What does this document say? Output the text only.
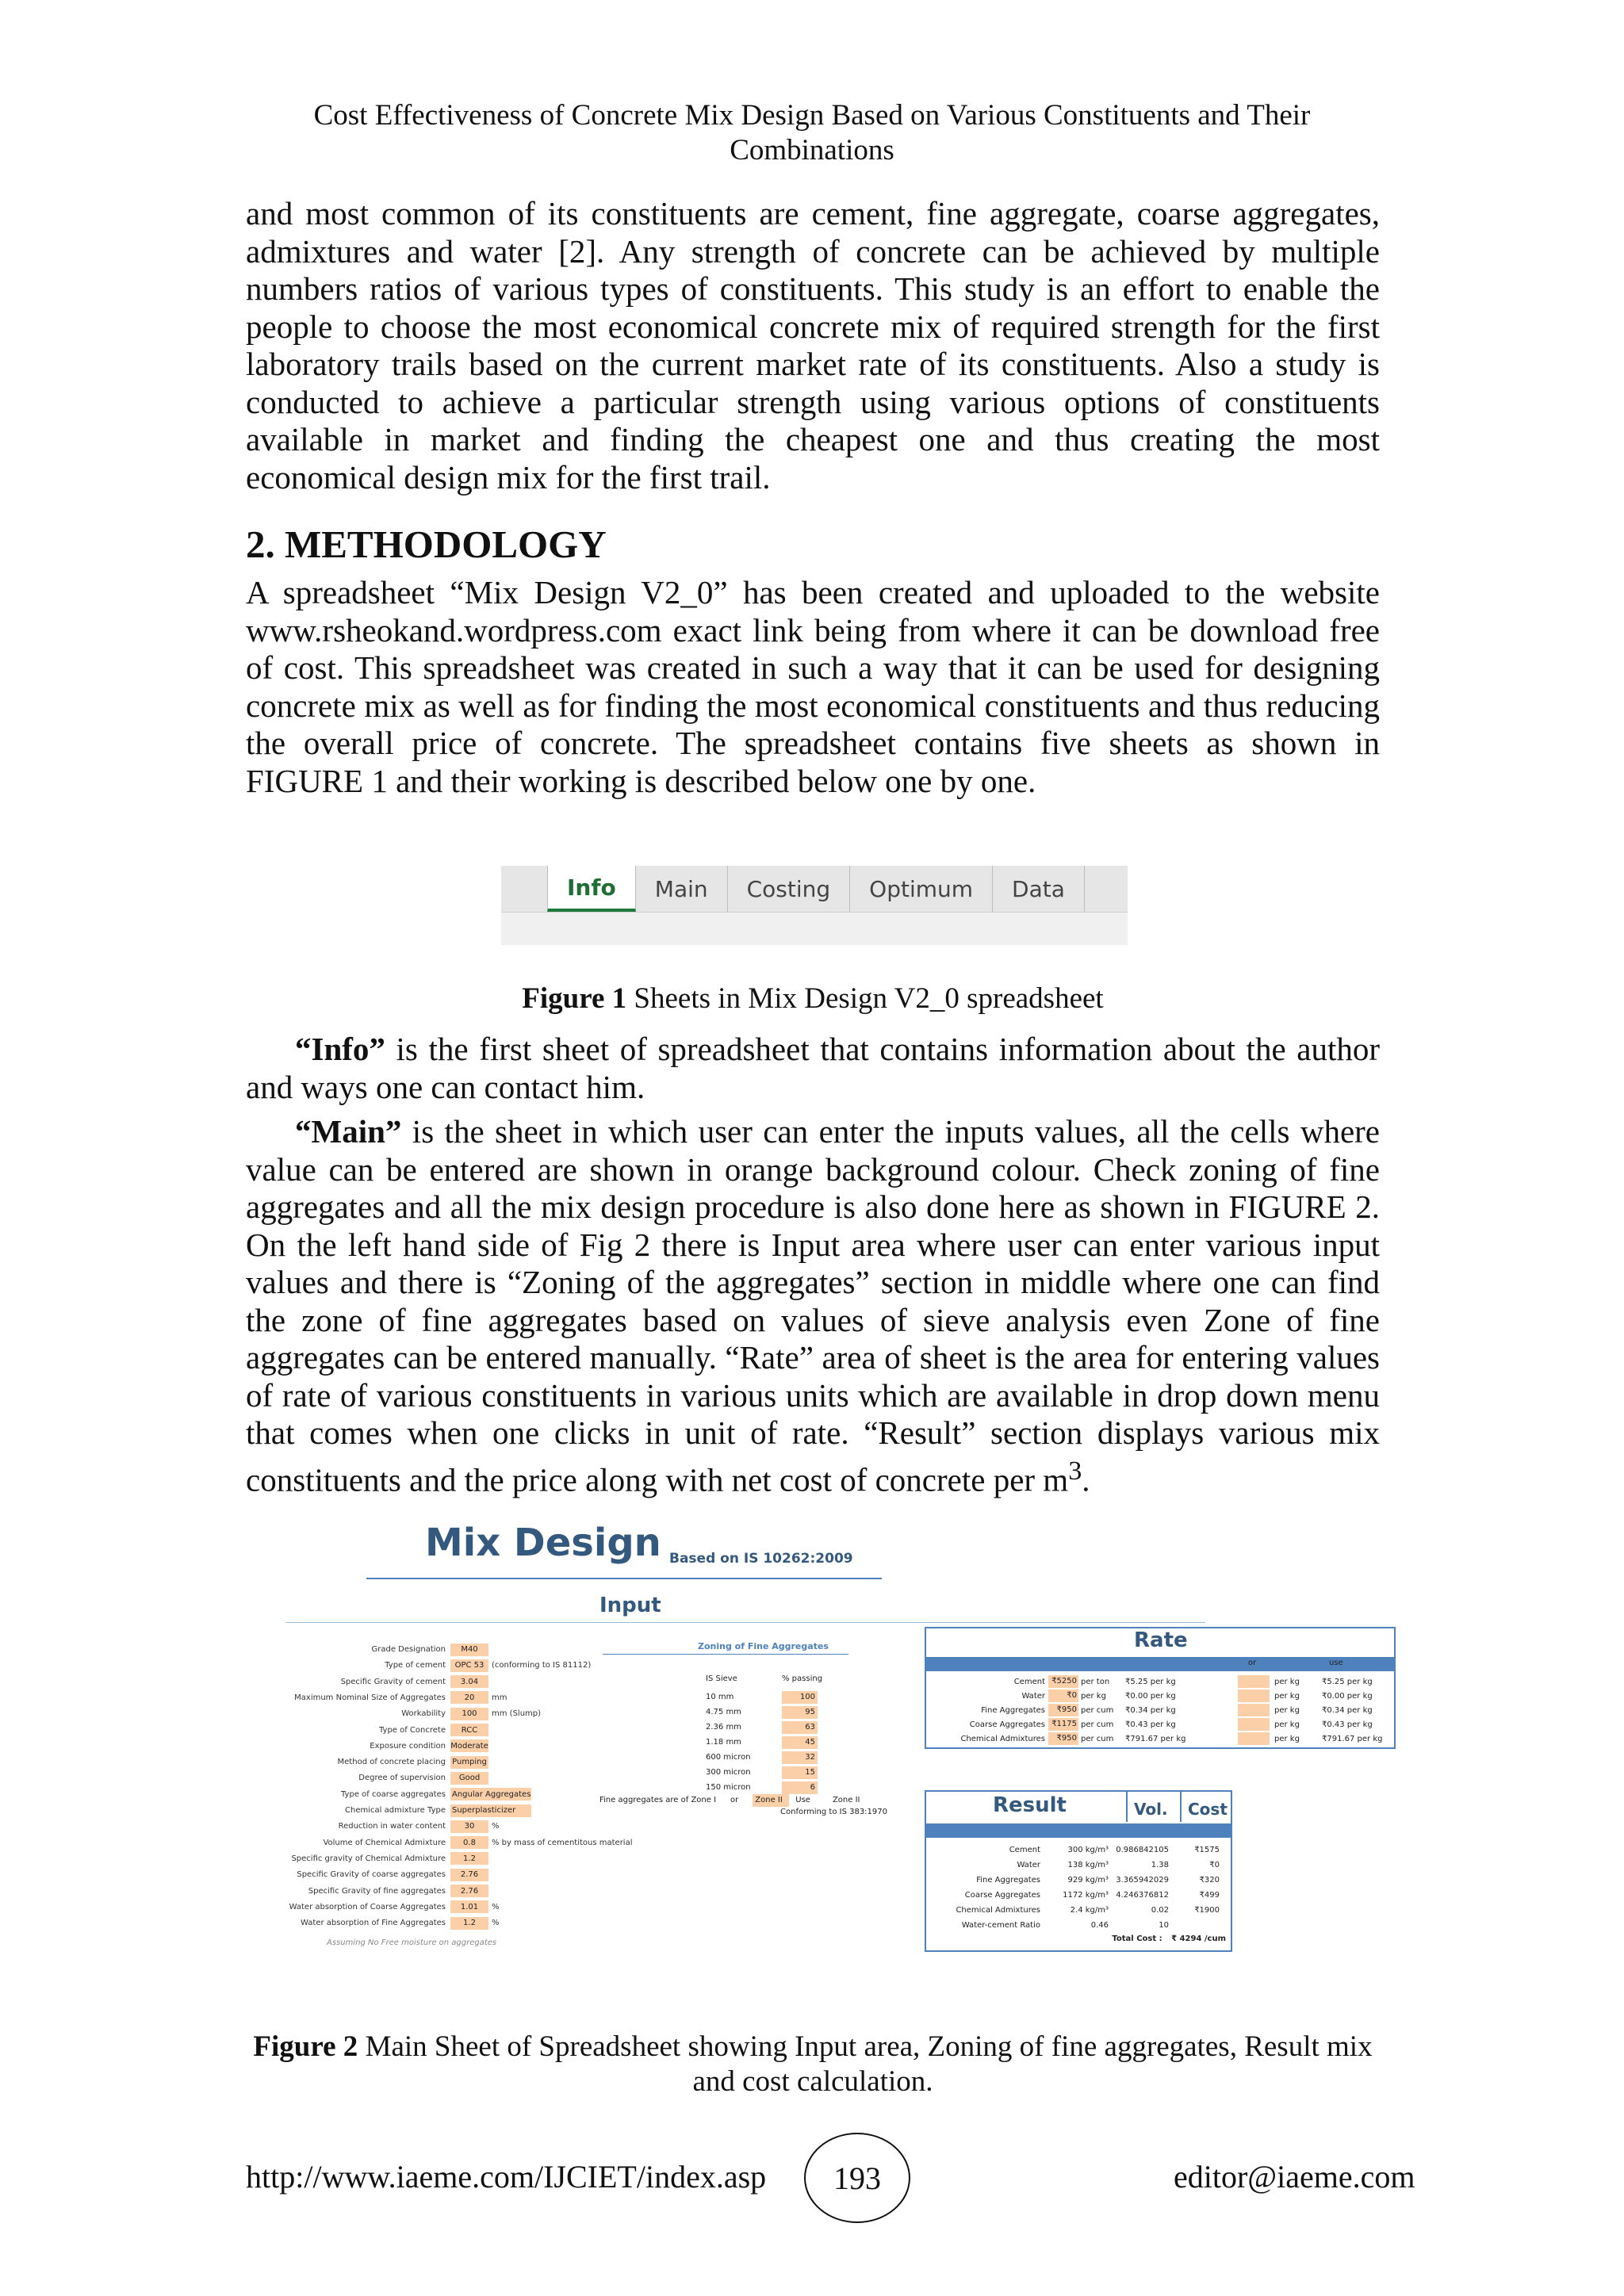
Cost Effectiveness of Concrete Mix Design Based on Various Constituents and Their Combinations

and most common of its constituents are cement, fine aggregate, coarse aggregates, admixtures and water [2]. Any strength of concrete can be achieved by multiple numbers ratios of various types of constituents. This study is an effort to enable the people to choose the most economical concrete mix of required strength for the first laboratory trails based on the current market rate of its constituents. Also a study is conducted to achieve a particular strength using various options of constituents available in market and finding the cheapest one and thus creating the most economical design mix for the first trail.

2. METHODOLOGY

A spreadsheet “Mix Design V2_0” has been created and uploaded to the website www.rsheokand.wordpress.com exact link being from where it can be download free of cost. This spreadsheet was created in such a way that it can be used for designing concrete mix as well as for finding the most economical constituents and thus reducing the overall price of concrete. The spreadsheet contains five sheets as shown in FIGURE 1 and their working is described below one by one.

Info	Main	Costing	Optimum	Data
Figure 1 Sheets in Mix Design V2_0 spreadsheet

“Info” is the first sheet of spreadsheet that contains information about the author and ways one can contact him.

“Main” is the sheet in which user can enter the inputs values, all the cells where value can be entered are shown in orange background colour. Check zoning of fine aggregates and all the mix design procedure is also done here as shown in FIGURE 2. On the left hand side of Fig 2 there is Input area where user can enter various input values and there is “Zoning of the aggregates” section in middle where one can find the zone of fine aggregates based on values of sieve analysis even Zone of fine aggregates can be entered manually. “Rate” area of sheet is the area for entering values of rate of various constituents in various units which are available in drop down menu that comes when one clicks in unit of rate. “Result” section displays various mix constituents and the price along with net cost of concrete per $m^3$.

Mix Design Based on IS 10262:2009
Input
Grade Designation	M40
Type of cement	OPC 53 (conforming to IS 81112)
Specific Gravity of cement	3.04
Maximum Nominal Size of Aggregates	20	mm
Workability	100	mm (Slump)
Type of Concrete	RCC
Exposure condition Moderate
Method of concrete placing Pumping
Degree of supervision	Good
Type of coarse aggregates Angular Aggregates
Chemical admixture Type Superplasticizer
Reduction in water content	30	%
Volume of Chemical Admixture	0.8	% by mass of cementitous material
Specific gravity of Chemical Admixture	1.2
Specific Gravity of coarse aggregates	2.76
Specific Gravity of fine aggregates	2.76
Water absorption of Coarse Aggregates	1.01	%
Water absorption of Fine Aggregates	1.2	%
Assuming No Free moisture on aggregates
Zoning of Fine Aggregates
IS Sieve	% passing
10 mm	100
4.75 mm	95
2.36 mm	63
1.18 mm	45
600 micron	32
300 micron	15
150 micron	6
Fine aggregates are of Zone I	or	Zone II	Use	Zone II
Conforming to IS 383:1970
Rate
or	use
Cement ₹5250 per ton	₹5.25 per kg	per kg	₹5.25 per kg
Water	₹0 per kg	₹0.00 per kg	per kg	₹0.00 per kg
Fine Aggregates	₹950 per cum	₹0.34 per kg	per kg	₹0.34 per kg
Coarse Aggregates ₹1175 per cum	₹0.43 per kg	per kg	₹0.43 per kg
Chemical Admixtures	₹950 per cum	₹791.67 per kg	per kg	₹791.67 per kg
Result	Vol. Cost
Cement	300 kg/m³ 0.986842105	₹1575
Water	138 kg/m³	1.38	₹0
Fine Aggregates	929 kg/m³ 3.365942029	₹320
Coarse Aggregates	1172 kg/m³ 4.246376812	₹499
Chemical Admixtures	2.4 kg/m³	0.02	₹1900
Water-cement Ratio	0.46	10
Total Cost : ₹ 4294 /cum
Figure 2 Main Sheet of Spreadsheet showing Input area, Zoning of fine aggregates, Result mix and cost calculation.
http://www.iaeme.com/IJCIET/index.asp	193	editor@iaeme.com
